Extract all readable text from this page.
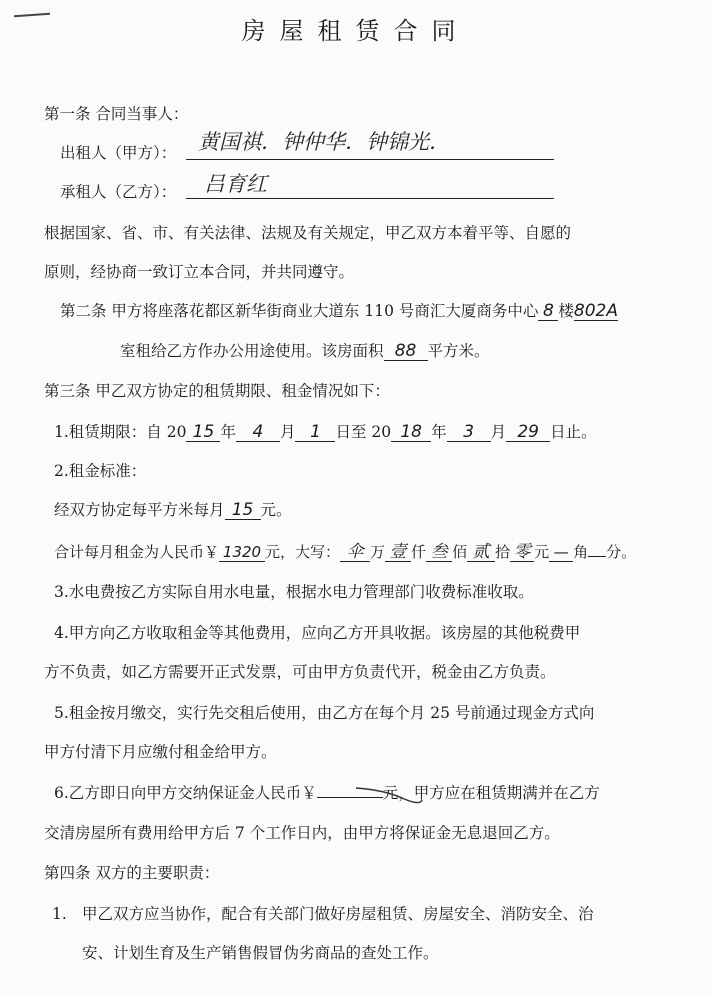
房屋租赁合同
第一条 合同当事人：
出租人（甲方）： 黄国祺．钟仲华．钟锦光．
承租人（乙方）： 吕育红
根据国家、省、市、有关法律、法规及有关规定，甲乙双方本着平等、自愿的
原则，经协商一致订立本合同，并共同遵守。
第二条 甲方将座落花都区新华街商业大道东 110 号商汇大厦商务中心 8 楼802A
室租给乙方作办公用途使用。该房面积 88 平方米。
第三条 甲乙双方协定的租赁期限、租金情况如下：
1.租赁期限：自 20 15 年 4 月 1 日至 20 18 年 3 月 29 日止。
2.租金标准：
经双方协定每平方米每月 15 元。
合计每月租金为人民币￥ 1320 元，大写： 伞 万 壹 仟 叁 佰 贰 拾 零 元 — 角 分。
3.水电费按乙方实际自用水电量，根据水电力管理部门收费标准收取。
4.甲方向乙方收取租金等其他费用，应向乙方开具收据。该房屋的其他税费甲
方不负责，如乙方需要开正式发票，可由甲方负责代开，税金由乙方负责。
5.租金按月缴交，实行先交租后使用，由乙方在每个月 25 号前通过现金方式向
甲方付清下月应缴付租金给甲方。
6.乙方即日向甲方交纳保证金人民币￥	元，甲方应在租赁期满并在乙方
交清房屋所有费用给甲方后 7 个工作日内，由甲方将保证金无息退回乙方。
第四条 双方的主要职责：
1. 甲乙双方应当协作，配合有关部门做好房屋租赁、房屋安全、消防安全、治
安、计划生育及生产销售假冒伪劣商品的查处工作。
